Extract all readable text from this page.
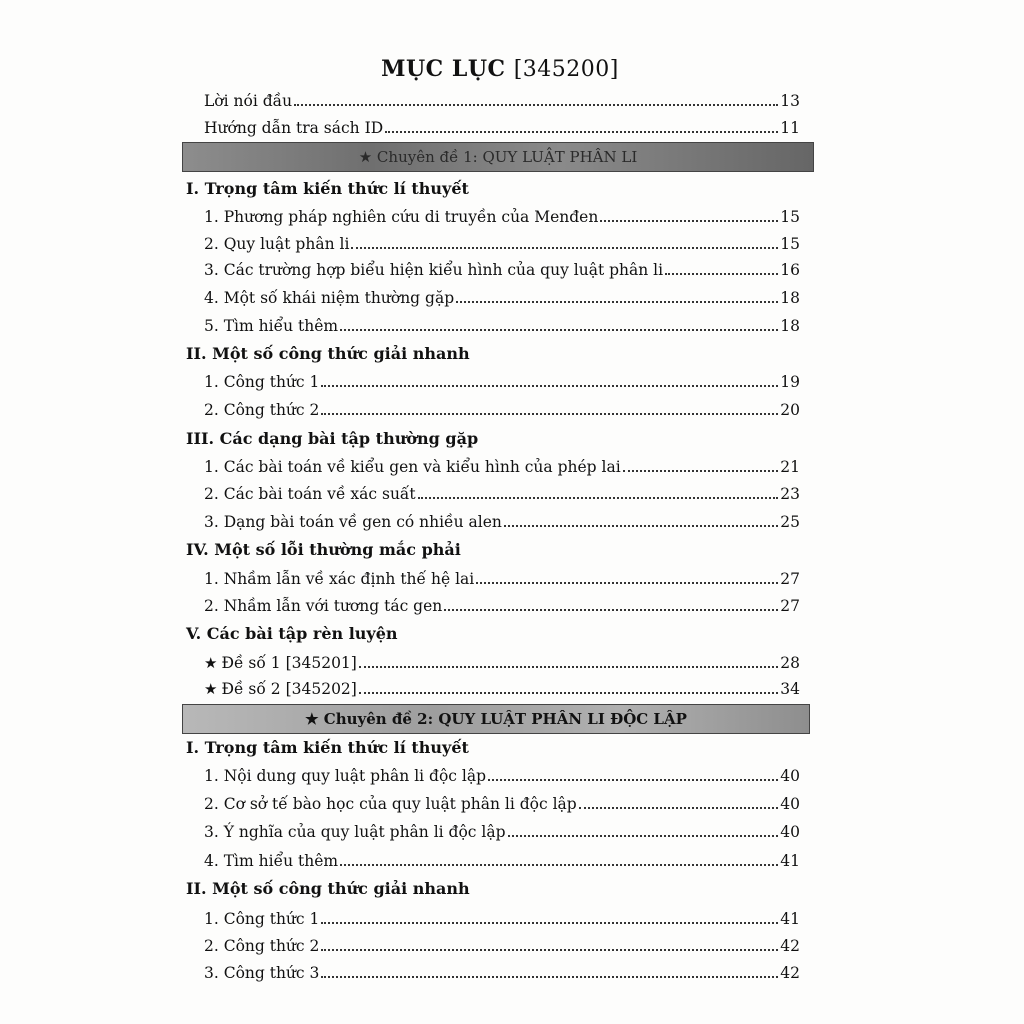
MỤC LỤC [345200]
Lời nói đầu	13
Hướng dẫn tra sách ID	11
★ Chuyên đề 1: QUY LUẬT PHÂN LI
I. Trọng tâm kiến thức lí thuyết
1. Phương pháp nghiên cứu di truyền của Menđen	15
2. Quy luật phân li	15
3. Các trường hợp biểu hiện kiểu hình của quy luật phân li	16
4. Một số khái niệm thường gặp	18
5. Tìm hiểu thêm	18
II. Một số công thức giải nhanh
1. Công thức 1	19
2. Công thức 2	20
III. Các dạng bài tập thường gặp
1. Các bài toán về kiểu gen và kiểu hình của phép lai	21
2. Các bài toán về xác suất	23
3. Dạng bài toán về gen có nhiều alen	25
IV. Một số lỗi thường mắc phải
1. Nhầm lẫn về xác định thế hệ lai	27
2. Nhầm lẫn với tương tác gen	27
V. Các bài tập rèn luyện
★ Đề số 1 [345201]	28
★ Đề số 2 [345202]	34
★ Chuyên đề 2: QUY LUẬT PHÂN LI ĐỘC LẬP
I. Trọng tâm kiến thức lí thuyết
1. Nội dung quy luật phân li độc lập	40
2. Cơ sở tế bào học của quy luật phân li độc lập	40
3. Ý nghĩa của quy luật phân li độc lập	40
4. Tìm hiểu thêm	41
II. Một số công thức giải nhanh
1. Công thức 1	41
2. Công thức 2	42
3. Công thức 3	42
